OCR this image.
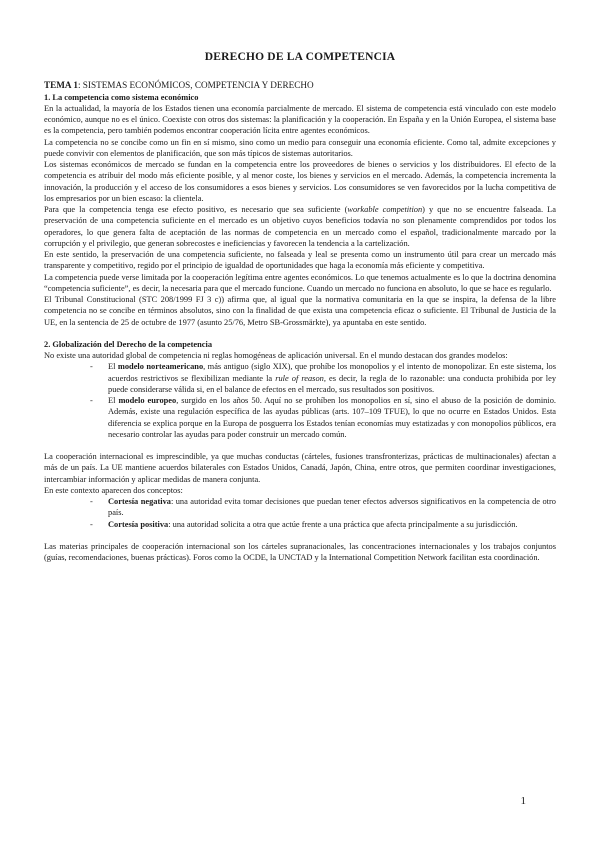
DERECHO DE LA COMPETENCIA

TEMA 1: SISTEMAS ECONÓMICOS, COMPETENCIA Y DERECHO

1. La competencia como sistema económico

En la actualidad, la mayoría de los Estados tienen una economía parcialmente de mercado. El sistema de competencia está vinculado con este modelo económico, aunque no es el único. Coexiste con otros dos sistemas: la planificación y la cooperación. En España y en la Unión Europea, el sistema base es la competencia, pero también podemos encontrar cooperación lícita entre agentes económicos.

La competencia no se concibe como un fin en sí mismo, sino como un medio para conseguir una economía eficiente. Como tal, admite excepciones y puede convivir con elementos de planificación, que son más típicos de sistemas autoritarios.

Los sistemas económicos de mercado se fundan en la competencia entre los proveedores de bienes o servicios y los distribuidores. El efecto de la competencia es atribuir del modo más eficiente posible, y al menor coste, los bienes y servicios en el mercado. Además, la competencia incrementa la innovación, la producción y el acceso de los consumidores a esos bienes y servicios. Los consumidores se ven favorecidos por la lucha competitiva de los empresarios por un bien escaso: la clientela.

Para que la competencia tenga ese efecto positivo, es necesario que sea suficiente (workable competition) y que no se encuentre falseada. La preservación de una competencia suficiente en el mercado es un objetivo cuyos beneficios todavía no son plenamente comprendidos por todos los operadores, lo que genera falta de aceptación de las normas de competencia en un mercado como el español, tradicionalmente marcado por la corrupción y el privilegio, que generan sobrecostes e ineficiencias y favorecen la tendencia a la cartelización.

En este sentido, la preservación de una competencia suficiente, no falseada y leal se presenta como un instrumento útil para crear un mercado más transparente y competitivo, regido por el principio de igualdad de oportunidades que haga la economía más eficiente y competitiva.

La competencia puede verse limitada por la cooperación legítima entre agentes económicos. Lo que tenemos actualmente es lo que la doctrina denomina “competencia suficiente”, es decir, la necesaria para que el mercado funcione. Cuando un mercado no funciona en absoluto, lo que se hace es regularlo.

El Tribunal Constitucional (STC 208/1999 FJ 3 c)) afirma que, al igual que la normativa comunitaria en la que se inspira, la defensa de la libre competencia no se concibe en términos absolutos, sino con la finalidad de que exista una competencia eficaz o suficiente. El Tribunal de Justicia de la UE, en la sentencia de 25 de octubre de 1977 (asunto 25/76, Metro SB-Grossmärkte), ya apuntaba en este sentido.

2. Globalización del Derecho de la competencia

No existe una autoridad global de competencia ni reglas homogéneas de aplicación universal. En el mundo destacan dos grandes modelos:

- El modelo norteamericano, más antiguo (siglo XIX), que prohíbe los monopolios y el intento de monopolizar. En este sistema, los acuerdos restrictivos se flexibilizan mediante la rule of reason, es decir, la regla de lo razonable: una conducta prohibida por ley puede considerarse válida si, en el balance de efectos en el mercado, sus resultados son positivos.
- El modelo europeo, surgido en los años 50. Aquí no se prohíben los monopolios en sí, sino el abuso de la posición de dominio. Además, existe una regulación específica de las ayudas públicas (arts. 107–109 TFUE), lo que no ocurre en Estados Unidos. Esta diferencia se explica porque en la Europa de posguerra los Estados tenían economías muy estatizadas y con monopolios públicos, era necesario controlar las ayudas para poder construir un mercado común.

La cooperación internacional es imprescindible, ya que muchas conductas (cárteles, fusiones transfronterizas, prácticas de multinacionales) afectan a más de un país. La UE mantiene acuerdos bilaterales con Estados Unidos, Canadá, Japón, China, entre otros, que permiten coordinar investigaciones, intercambiar información y aplicar medidas de manera conjunta.

En este contexto aparecen dos conceptos:

- Cortesía negativa: una autoridad evita tomar decisiones que puedan tener efectos adversos significativos en la competencia de otro país.
- Cortesía positiva: una autoridad solicita a otra que actúe frente a una práctica que afecta principalmente a su jurisdicción.

Las materias principales de cooperación internacional son los cárteles supranacionales, las concentraciones internacionales y los trabajos conjuntos (guías, recomendaciones, buenas prácticas). Foros como la OCDE, la UNCTAD y la International Competition Network facilitan esta coordinación.

1
